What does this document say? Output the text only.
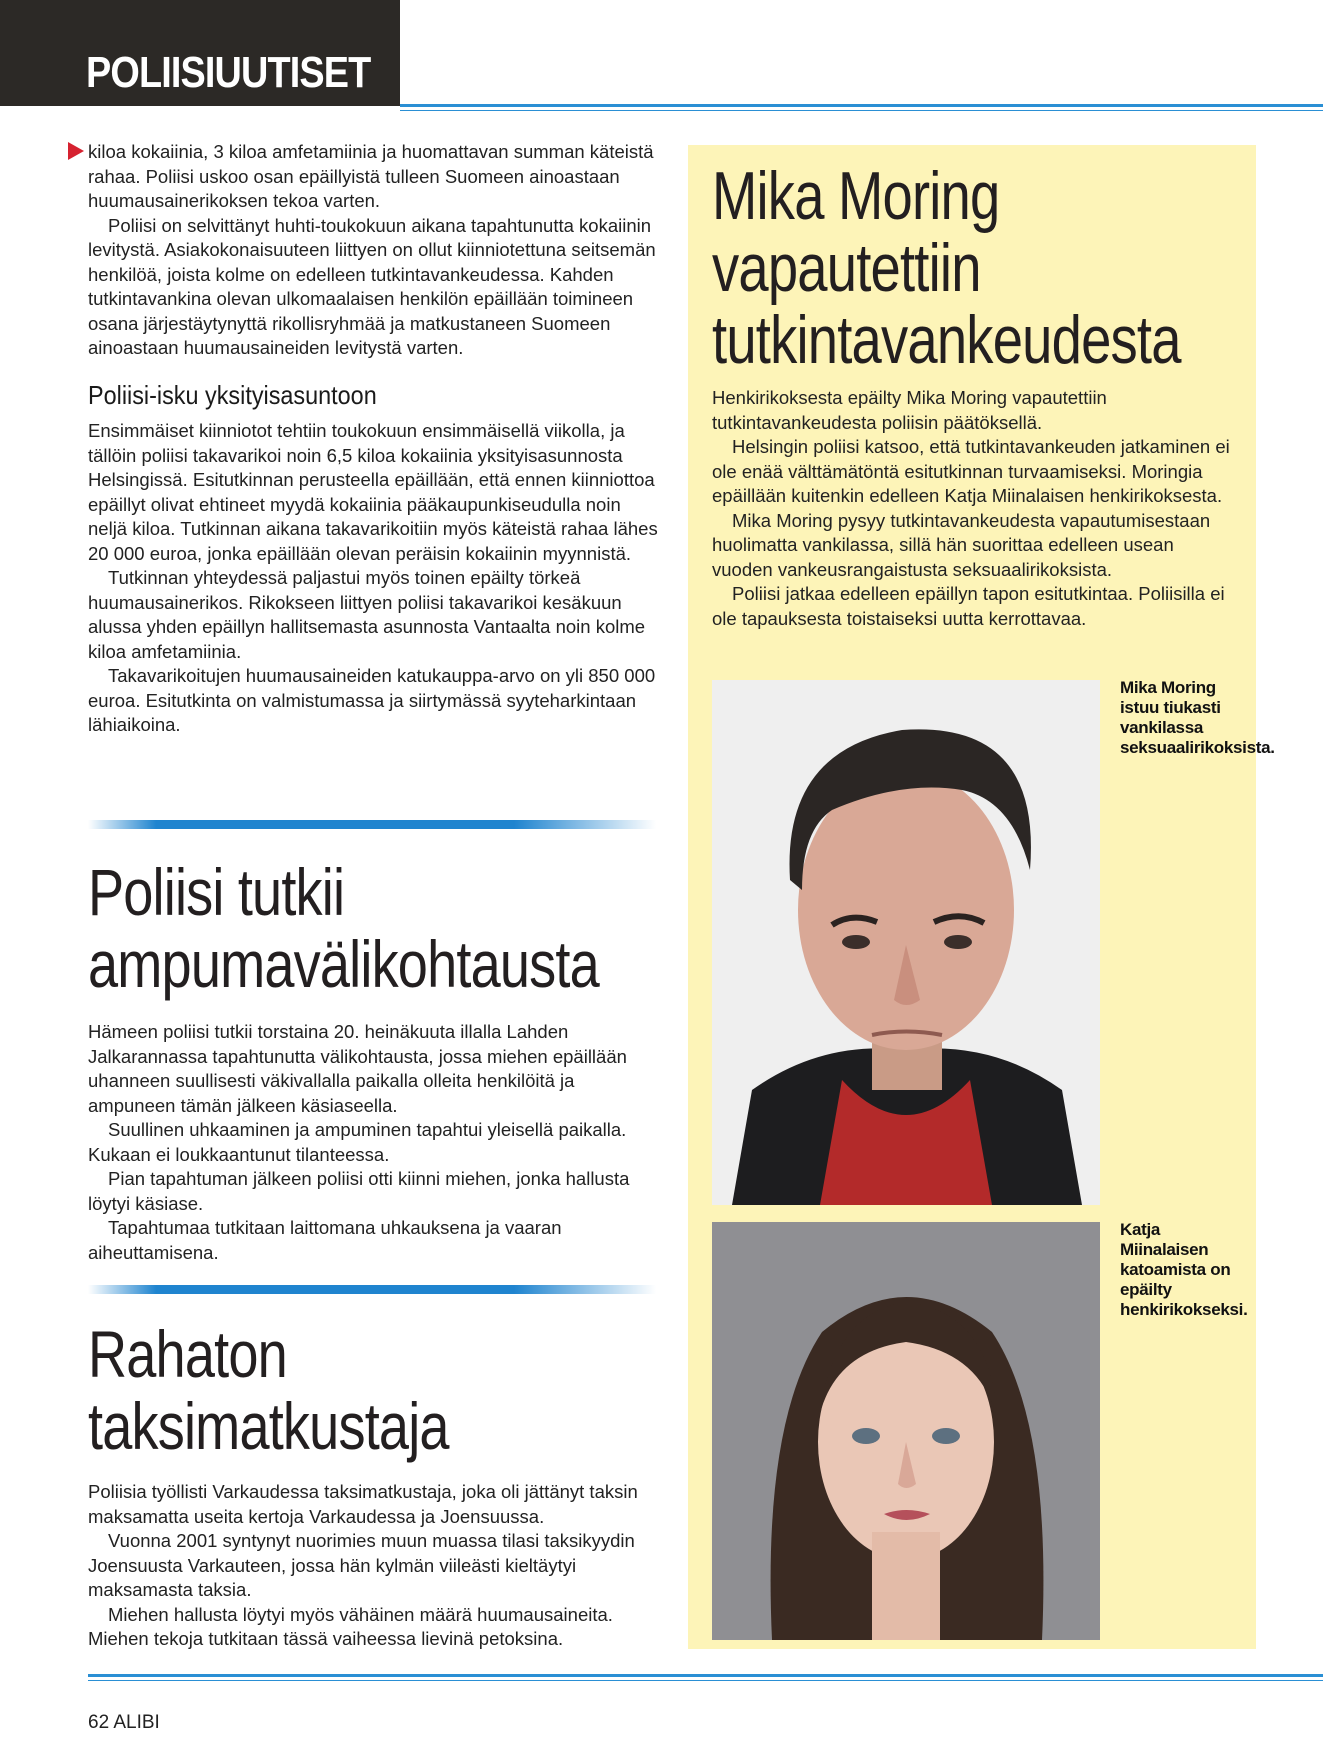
POLIISIUUTISET

kiloa kokaiinia, 3 kiloa amfetamiinia ja huomattavan summan käteistä rahaa. Poliisi uskoo osan epäillyistä tulleen Suomeen ainoastaan huumausainerikoksen tekoa varten.

Poliisi on selvittänyt huhti-toukokuun aikana tapahtunutta kokaiinin levitystä. Asiakokonaisuuteen liittyen on ollut kiinniotettuna seitsemän henkilöä, joista kolme on edelleen tutkintavankeudessa. Kahden tutkintavankina olevan ulkomaalaisen henkilön epäillään toimineen osana järjestäytynyttä rikollisryhmää ja matkustaneen Suomeen ainoastaan huumausaineiden levitystä varten.

Poliisi-isku yksityisasuntoon

Ensimmäiset kiinniotot tehtiin toukokuun ensimmäisellä viikolla, ja tällöin poliisi takavarikoi noin 6,5 kiloa kokaiinia yksityisasunnosta Helsingissä. Esitutkinnan perusteella epäillään, että ennen kiinniottoa epäillyt olivat ehtineet myydä kokaiinia pääkaupunkiseudulla noin neljä kiloa. Tutkinnan aikana takavarikoitiin myös käteistä rahaa lähes 20 000 euroa, jonka epäillään olevan peräisin kokaiinin myynnistä.

Tutkinnan yhteydessä paljastui myös toinen epäilty törkeä huumausainerikos. Rikokseen liittyen poliisi takavarikoi kesäkuun alussa yhden epäillyn hallitsemasta asunnosta Vantaalta noin kolme kiloa amfetamiinia.

Takavarikoitujen huumausaineiden katukauppa-arvo on yli 850 000 euroa. Esitutkinta on valmistumassa ja siirtymässä syyteharkintaan lähiaikoina.

Poliisi tutkii
ampumavälikohtausta

Hämeen poliisi tutkii torstaina 20. heinäkuuta illalla Lahden Jalkarannassa tapahtunutta välikohtausta, jossa miehen epäillään uhanneen suullisesti väkivallalla paikalla olleita henkilöitä ja ampuneen tämän jälkeen käsiaseella.

Suullinen uhkaaminen ja ampuminen tapahtui yleisellä paikalla. Kukaan ei loukkaantunut tilanteessa.

Pian tapahtuman jälkeen poliisi otti kiinni miehen, jonka hallusta löytyi käsiase.

Tapahtumaa tutkitaan laittomana uhkauksena ja vaaran aiheuttamisena.

Rahaton
taksimatkustaja

Poliisia työllisti Varkaudessa taksimatkustaja, joka oli jättänyt taksin maksamatta useita kertoja Varkaudessa ja Joensuussa.

Vuonna 2001 syntynyt nuorimies muun muassa tilasi taksikyydin Joensuusta Varkauteen, jossa hän kylmän viileästi kieltäytyi maksamasta taksia.

Miehen hallusta löytyi myös vähäinen määrä huumausaineita. Miehen tekoja tutkitaan tässä vaiheessa lievinä petoksina.

Mika Moring
vapautettiin
tutkintavankeudesta

Henkirikoksesta epäilty Mika Moring vapautettiin tutkintavankeudesta poliisin päätöksellä.

Helsingin poliisi katsoo, että tutkintavankeuden jatkaminen ei ole enää välttämätöntä esitutkinnan turvaamiseksi. Moringia epäillään kuitenkin edelleen Katja Miinalaisen henkirikoksesta.

Mika Moring pysyy tutkintavankeudesta vapautumisestaan huolimatta vankilassa, sillä hän suorittaa edelleen usean vuoden vankeusrangaistusta seksuaalirikoksista.

Poliisi jatkaa edelleen epäillyn tapon esitutkintaa. Poliisilla ei ole tapauksesta toistaiseksi uutta kerrottavaa.

Mika Moring istuu tiukasti vankilassa seksuaalirikoksista.
Katja Miinalaisen katoamista on epäilty henkirikokseksi.
62 ALIBI
